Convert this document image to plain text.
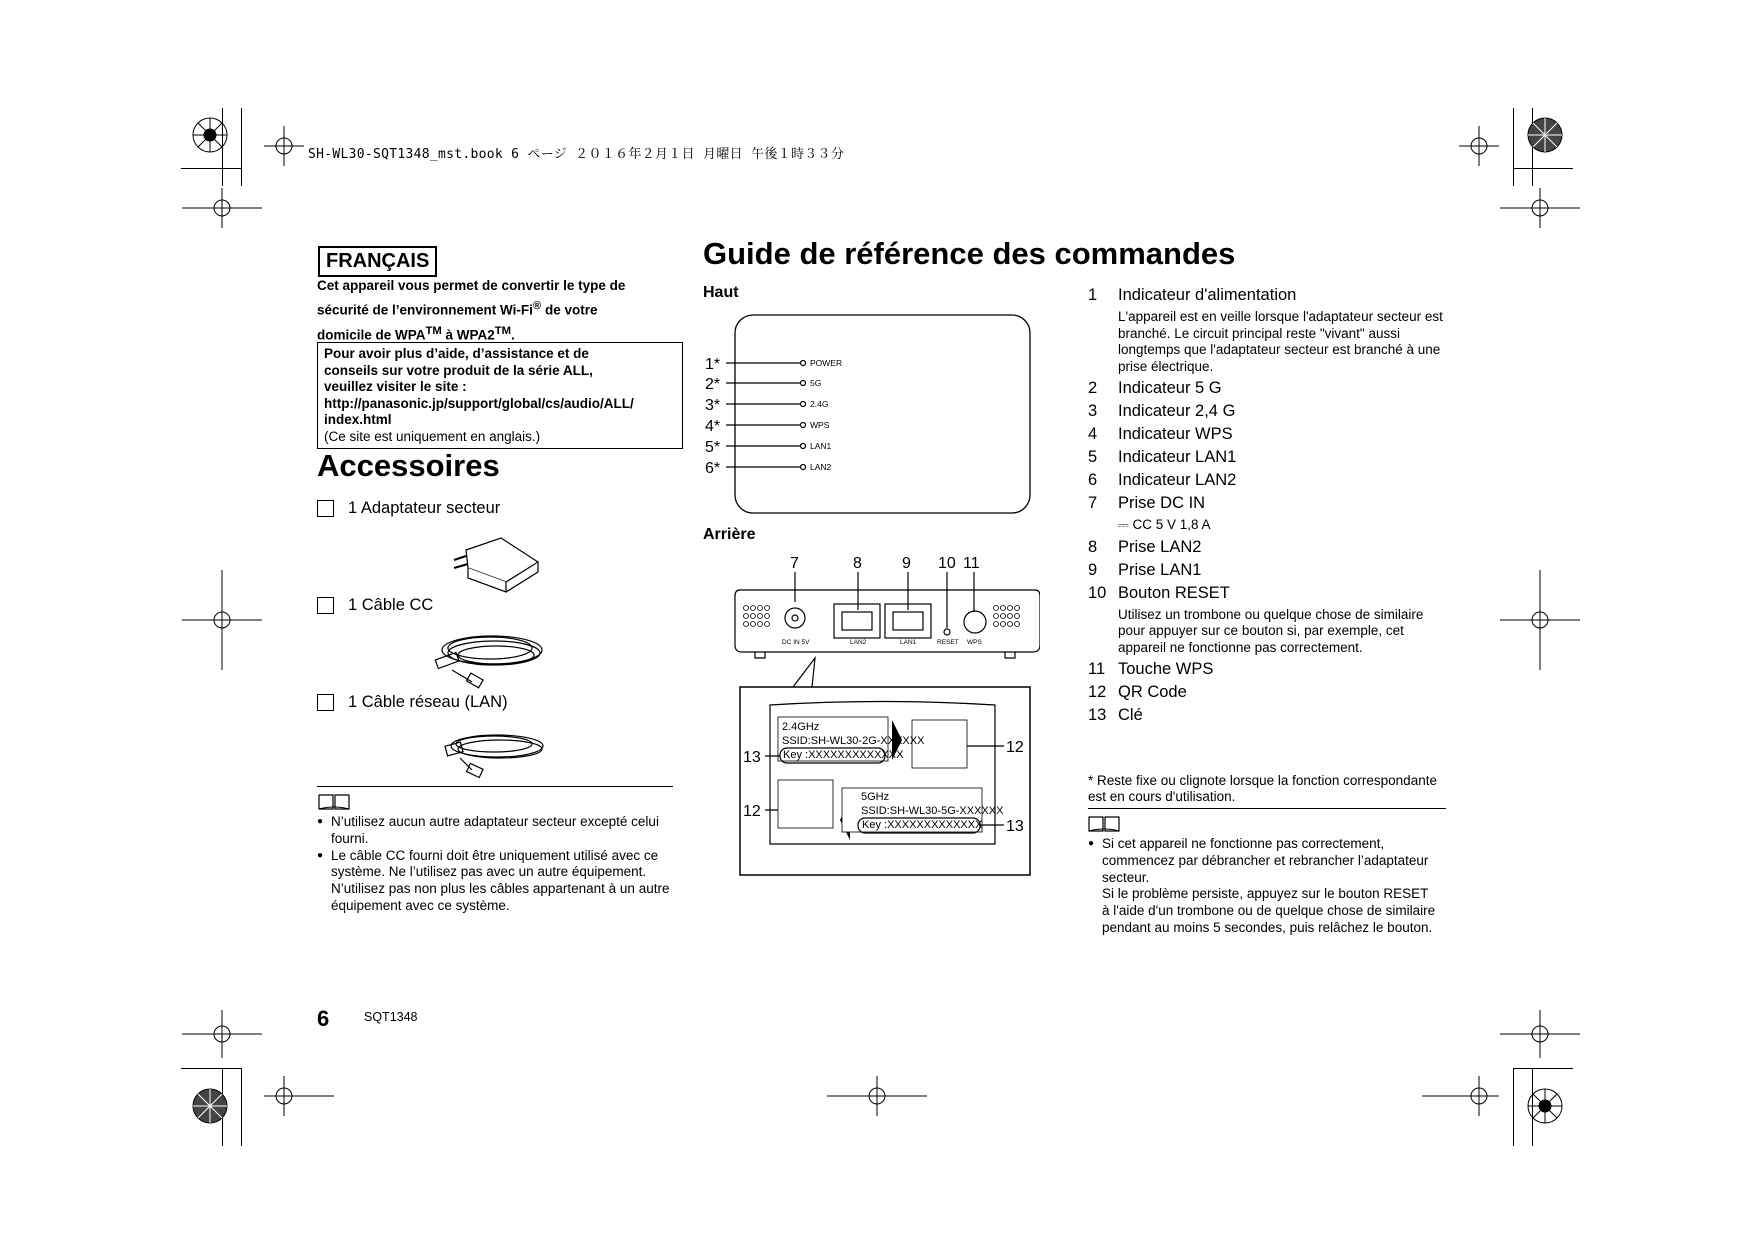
SH-WL30-SQT1348_mst.book 6 ページ ２０１６年２月１日 月曜日 午後１時３３分
FRANÇAIS
Cet appareil vous permet de convertir le type de
sécurité de l’environnement Wi-Fi® de votre
domicile de WPA™ à WPA2™.
Pour avoir plus d’aide, d’assistance et de
conseils sur votre produit de la série ALL,
veuillez visiter le site :
http://panasonic.jp/support/global/cs/audio/ALL/
index.html
(Ce site est uniquement en anglais.)
Accessoires
1 Adaptateur secteur
1 Câble CC
1 Câble réseau (LAN)
● N’utilisez aucun autre adaptateur secteur excepté celui fourni.
● Le câble CC fourni doit être uniquement utilisé avec ce système. Ne l’utilisez pas avec un autre équipement. N’utilisez pas non plus les câbles appartenant à un autre équipement avec ce système.
Guide de référence des commandes
Haut
1*
2*
3*
4*
5*
6*
POWER
5G
2.4G
WPS
LAN1
LAN2
Arrière
7	8	9 10 11
DC IN 5V	LAN2	LAN1	RESET WPS
2.4GHz
SSID:SH-WL30-2G-XXXXXX
Key :XXXXXXXXXXXXX
5GHz
SSID:SH-WL30-5G-XXXXXX
Key :XXXXXXXXXXXXX
13
12
12
13
1	Indicateur d'alimentation
L'appareil est en veille lorsque l'adaptateur secteur est branché. Le circuit principal reste "vivant" aussi longtemps que l'adaptateur secteur est branché à une prise électrique.
2	Indicateur 5 G
3	Indicateur 2,4 G
4	Indicateur WPS
5	Indicateur LAN1
6	Indicateur LAN2
7	Prise DC IN
⎓ CC 5 V 1,8 A
8	Prise LAN2
9	Prise LAN1
10 Bouton RESET
Utilisez un trombone ou quelque chose de similaire pour appuyer sur ce bouton si, par exemple, cet appareil ne fonctionne pas correctement.
11 Touche WPS
12 QR Code
13 Clé
* Reste fixe ou clignote lorsque la fonction correspondante est en cours d'utilisation.
● Si cet appareil ne fonctionne pas correctement, commencez par débrancher et rebrancher l’adaptateur secteur.
Si le problème persiste, appuyez sur le bouton RESET à l'aide d'un trombone ou de quelque chose de similaire pendant au moins 5 secondes, puis relâchez le bouton.
6	SQT1348
